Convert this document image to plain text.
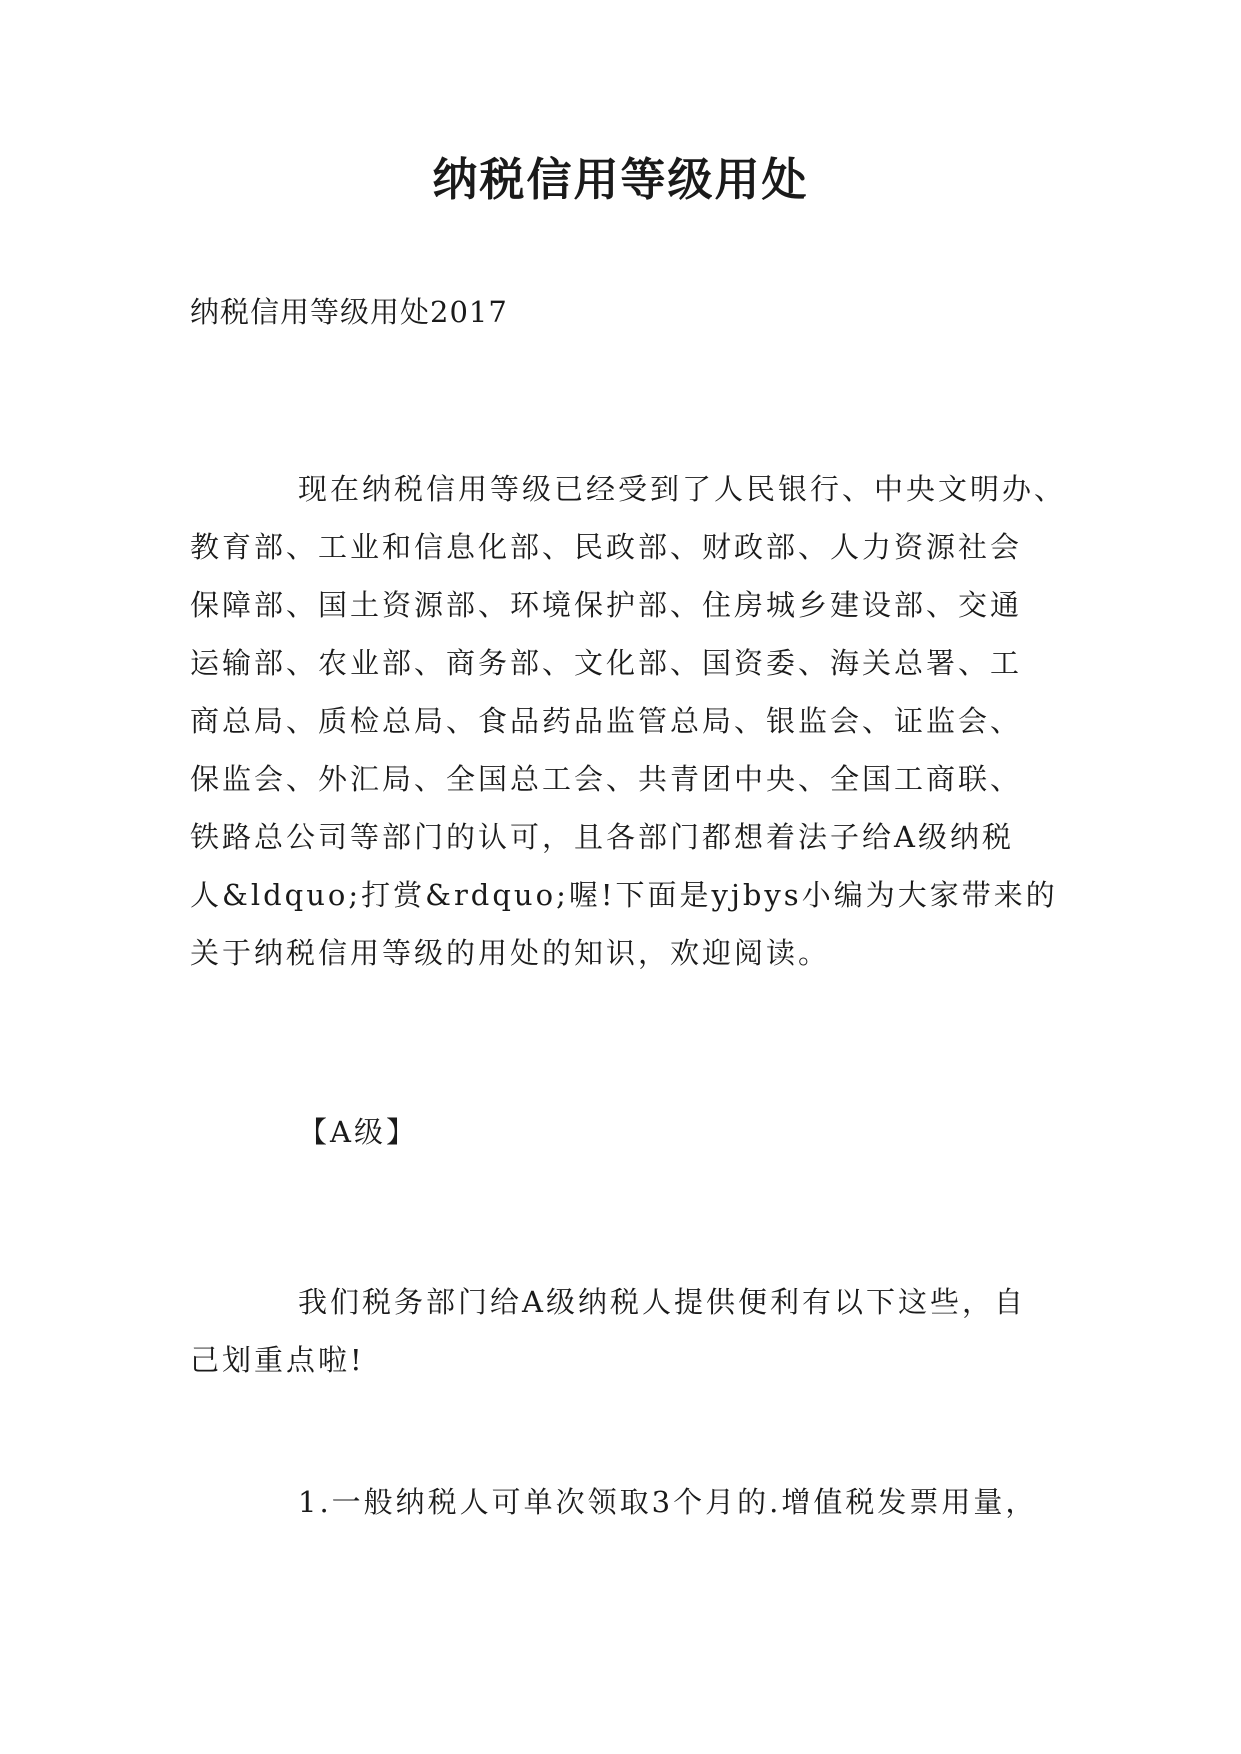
纳税信用等级用处

纳税信用等级用处2017

现在纳税信用等级已经受到了人民银行、中央文明办、
教育部、工业和信息化部、民政部、财政部、人力资源社会
保障部、国土资源部、环境保护部、住房城乡建设部、交通
运输部、农业部、商务部、文化部、国资委、海关总署、工
商总局、质检总局、食品药品监管总局、银监会、证监会、
保监会、外汇局、全国总工会、共青团中央、全国工商联、
铁路总公司等部门的认可，且各部门都想着法子给A级纳税
人&ldquo;打赏&rdquo;喔!下面是yjbys小编为大家带来的
关于纳税信用等级的用处的知识，欢迎阅读。

【A级】

我们税务部门给A级纳税人提供便利有以下这些，自
己划重点啦!

1.一般纳税人可单次领取3个月的.增值税发票用量，
